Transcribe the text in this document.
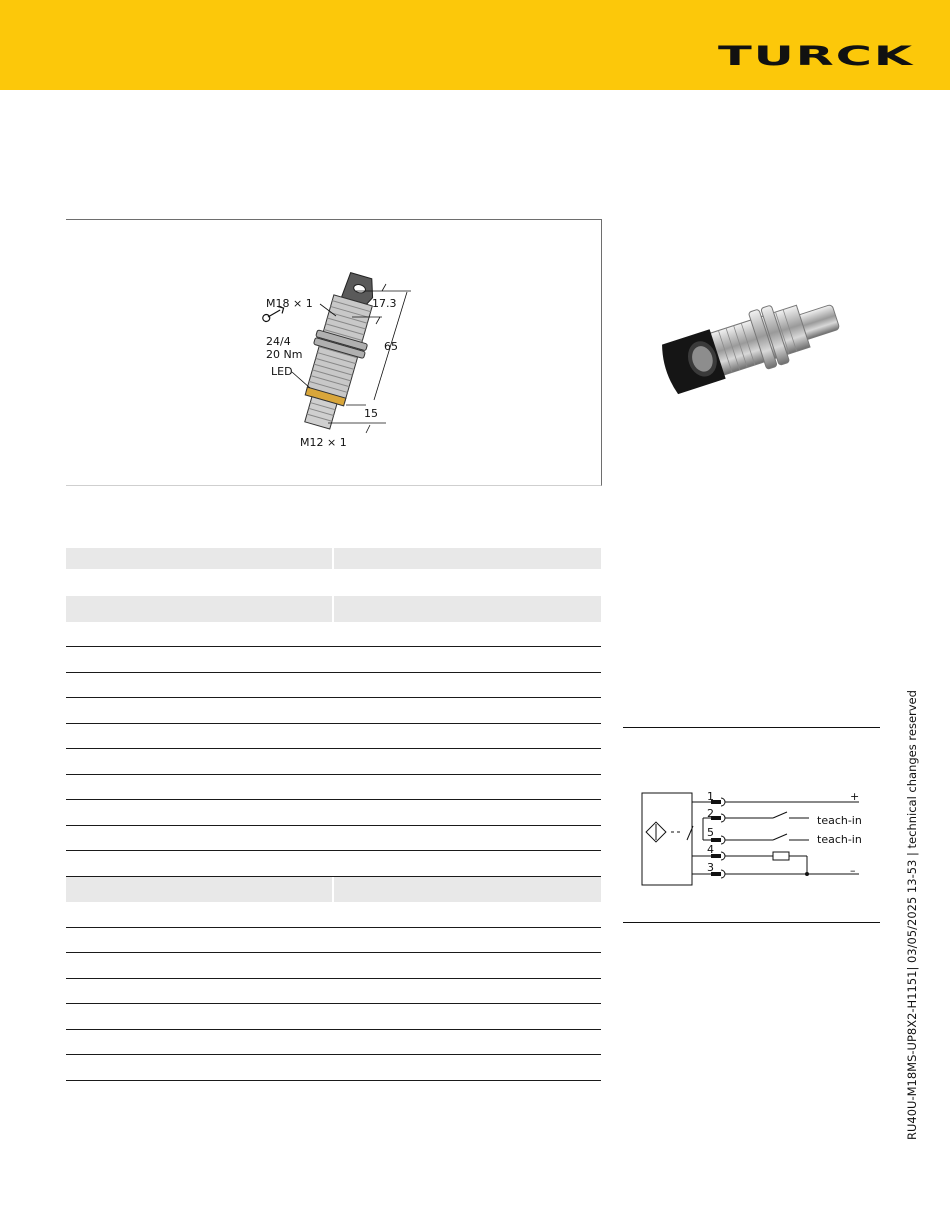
TURCK
M18 × 1
24/4
20 Nm
LED
M12 × 1
17.3
65
15
1
2
5
4
3
+
–
teach-in
teach-in	RU40U-M18MS-UP8X2-H1151| 03/05/2025 13-53 | technical changes reserved
